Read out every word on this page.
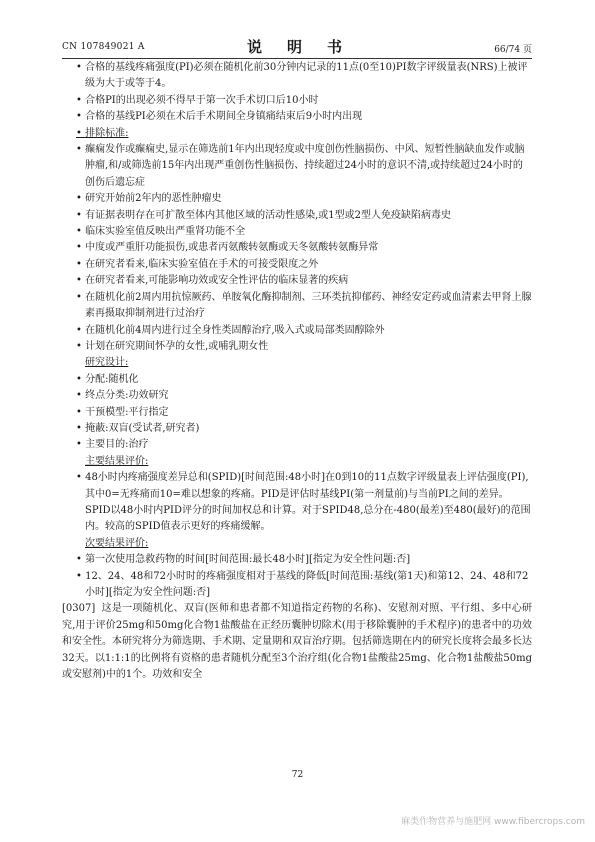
CN 107849021 A	说　明　书	66/74 页

• 合格的基线疼痛强度(PI)必须在随机化前30分钟内记录的11点(0至10)PI数字评级量表(NRS)上被评级为大于或等于4。

• 合格PI的出现必须不得早于第一次手术切口后10小时

• 合格的基线PI必须在术后手术期间全身镇痛结束后9小时内出现

• 排除标准:

• 癫痫发作或癫痫史,显示在筛选前1年内出现轻度或中度创伤性脑损伤、中风、短暂性脑缺血发作或脑肿瘤,和/或筛选前15年内出现严重创伤性脑损伤、持续超过24小时的意识不清,或持续超过24小时的创伤后遗忘症

• 研究开始前2年内的恶性肿瘤史

• 有证据表明存在可扩散至体内其他区域的活动性感染,或1型或2型人免疫缺陷病毒史

• 临床实验室值反映出严重肾功能不全

• 中度或严重肝功能损伤,或患者丙氨酸转氨酶或天冬氨酸转氨酶异常

• 在研究者看来,临床实验室值在手术的可接受限度之外

• 在研究者看来,可能影响功效或安全性评估的临床显著的疾病

• 在随机化前2周内用抗惊厥药、单胺氧化酶抑制剂、三环类抗抑郁药、神经安定药或血清素去甲肾上腺素再摄取抑制剂进行过治疗

• 在随机化前4周内进行过全身性类固醇治疗,吸入式或局部类固醇除外

• 计划在研究期间怀孕的女性,或哺乳期女性

研究设计:

• 分配:随机化

• 终点分类:功效研究

• 干预模型:平行指定

• 掩蔽:双盲(受试者,研究者)

• 主要目的:治疗

主要结果评价:

• 48小时内疼痛强度差异总和(SPID)[时间范围:48小时]在0到10的11点数字评级量表上评估强度(PI),其中0=无疼痛而10=难以想象的疼痛。PID是评估时基线PI(第一剂量前)与当前PI之间的差异。SPID以48小时内PID评分的时间加权总和计算。对于SPID48,总分在-480(最差)至480(最好)的范围内。较高的SPID值表示更好的疼痛缓解。

次要结果评价:

• 第一次使用急救药物的时间[时间范围:最长48小时][指定为安全性问题:否]

• 12、24、48和72小时时的疼痛强度相对于基线的降低[时间范围:基线(第1天)和第12、24、48和72小时][指定为安全性问题:否]

[0307] 这是一项随机化、双盲(医师和患者都不知道指定药物的名称)、安慰剂对照、平行组、多中心研究,用于评价25mg和50mg化合物1盐酸盐在正经历囊肿切除术(用于移除囊肿的手术程序)的患者中的功效和安全性。本研究将分为筛选期、手术期、定量期和双盲治疗期。包括筛选期在内的研究长度将会最多长达32天。以1:1:1的比例将有资格的患者随机分配至3个治疗组(化合物1盐酸盐25mg、化合物1盐酸盐50mg或安慰剂)中的1个。功效和安全

72
麻类作物营养与施肥网 www.fibercrops.com
